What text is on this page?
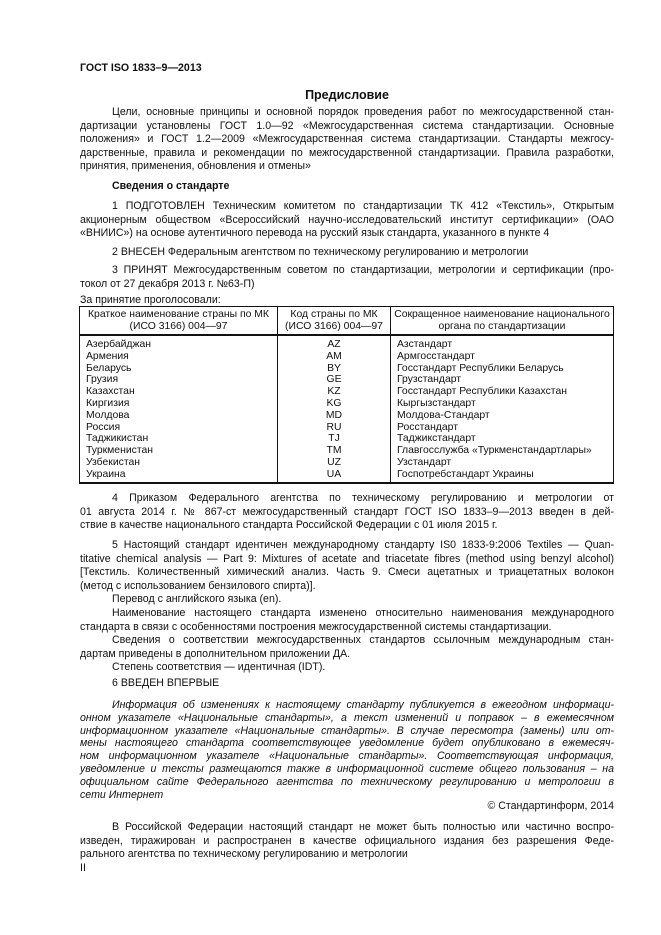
ГОСТ ISO 1833–9—2013
Предисловие
Цели, основные принципы и основной порядок проведения работ по межгосударственной стан-
дартизации установлены ГОСТ 1.0—92 «Межгосударственная система стандартизации. Основные
положения» и ГОСТ 1.2—2009 «Межгосударственная система стандартизации. Стандарты межгосу-
дарственные, правила и рекомендации по межгосударственной стандартизации. Правила разработки,
принятия, применения, обновления и отмены»
Сведения о стандарте
1 ПОДГОТОВЛЕН Техническим комитетом по стандартизации ТК 412 «Текстиль», Открытым
акционерным обществом «Всероссийский научно-исследовательский институт сертификации» (ОАО
«ВНИИС») на основе аутентичного перевода на русский язык стандарта, указанного в пункте 4
2 ВНЕСЕН Федеральным агентством по техническому регулированию и метрологии
3 ПРИНЯТ Межгосударственным советом по стандартизации, метрологии и сертификации (про-
токол от 27 декабря 2013 г. №63-П)
За принятие проголосовали:
Краткое наименование страны по МК (ИСО 3166) 004—97	Код страны по МК (ИСО 3166) 004—97	Сокращенное наименование национального органа по стандартизации
Азербайджан	AZ	Азстандарт
Армения	AM	Армгосстандарт
Беларусь	BY	Госстандарт Республики Беларусь
Грузия	GE	Грузстандарт
Казахстан	KZ	Госстандарт Республики Казахстан
Киргизия	KG	Кыргызстандарт
Молдова	MD	Молдова-Стандарт
Россия	RU	Росстандарт
Таджикистан	TJ	Таджикстандарт
Туркменистан	TM	Главгосслужба «Туркменстандартлары»
Узбекистан	UZ	Узстандарт
Украина	UA	Госпотребстандарт Украины
4 Приказом Федерального агентства по техническому регулированию и метрологии от
01 августа 2014 г. № 867-ст межгосударственный стандарт ГОСТ ISO 1833–9—2013 введен в дей-
ствие в качестве национального стандарта Российской Федерации с 01 июля 2015 г.
5 Настоящий стандарт идентичен международному стандарту IS0 1833-9:2006 Textiles — Quan-
titative chemical analysis — Part 9: Mixtures of acetate and triacetate fibres (method using benzyl alcohol)
[Текстиль. Количественный химический анализ. Часть 9. Смеси ацетатных и триацетатных волокон
(метод с использованием бензилового спирта)].
Перевод с английского языка (en).
Наименование настоящего стандарта изменено относительно наименования международного
стандарта в связи с особенностями построения межгосударственной системы стандартизации.
Сведения о соответствии межгосударственных стандартов ссылочным международным стан-
дартам приведены в дополнительном приложении ДА.
Степень соответствия — идентичная (IDT).
6 ВВЕДЕН ВПЕРВЫЕ
Информация об изменениях к настоящему стандарту публикуется в ежегодном информаци-
онном указателе «Национальные стандарты», а текст изменений и поправок – в ежемесячном
информационном указателе «Национальные стандарты». В случае пересмотра (замены) или от-
мены настоящего стандарта соответствующее уведомление будет опубликовано в ежемесяч-
ном информационном указателе «Национальные стандарты». Соответствующая информация,
уведомление и тексты размещаются также в информационной системе общего пользования – на
официальном сайте Федерального агентства по техническому регулированию и метрологии в
сети Интернет
© Стандартинформ, 2014
В Российской Федерации настоящий стандарт не может быть полностью или частично воспро-
изведен, тиражирован и распространен в качестве официального издания без разрешения Феде-
рального агентства по техническому регулированию и метрологии
II
